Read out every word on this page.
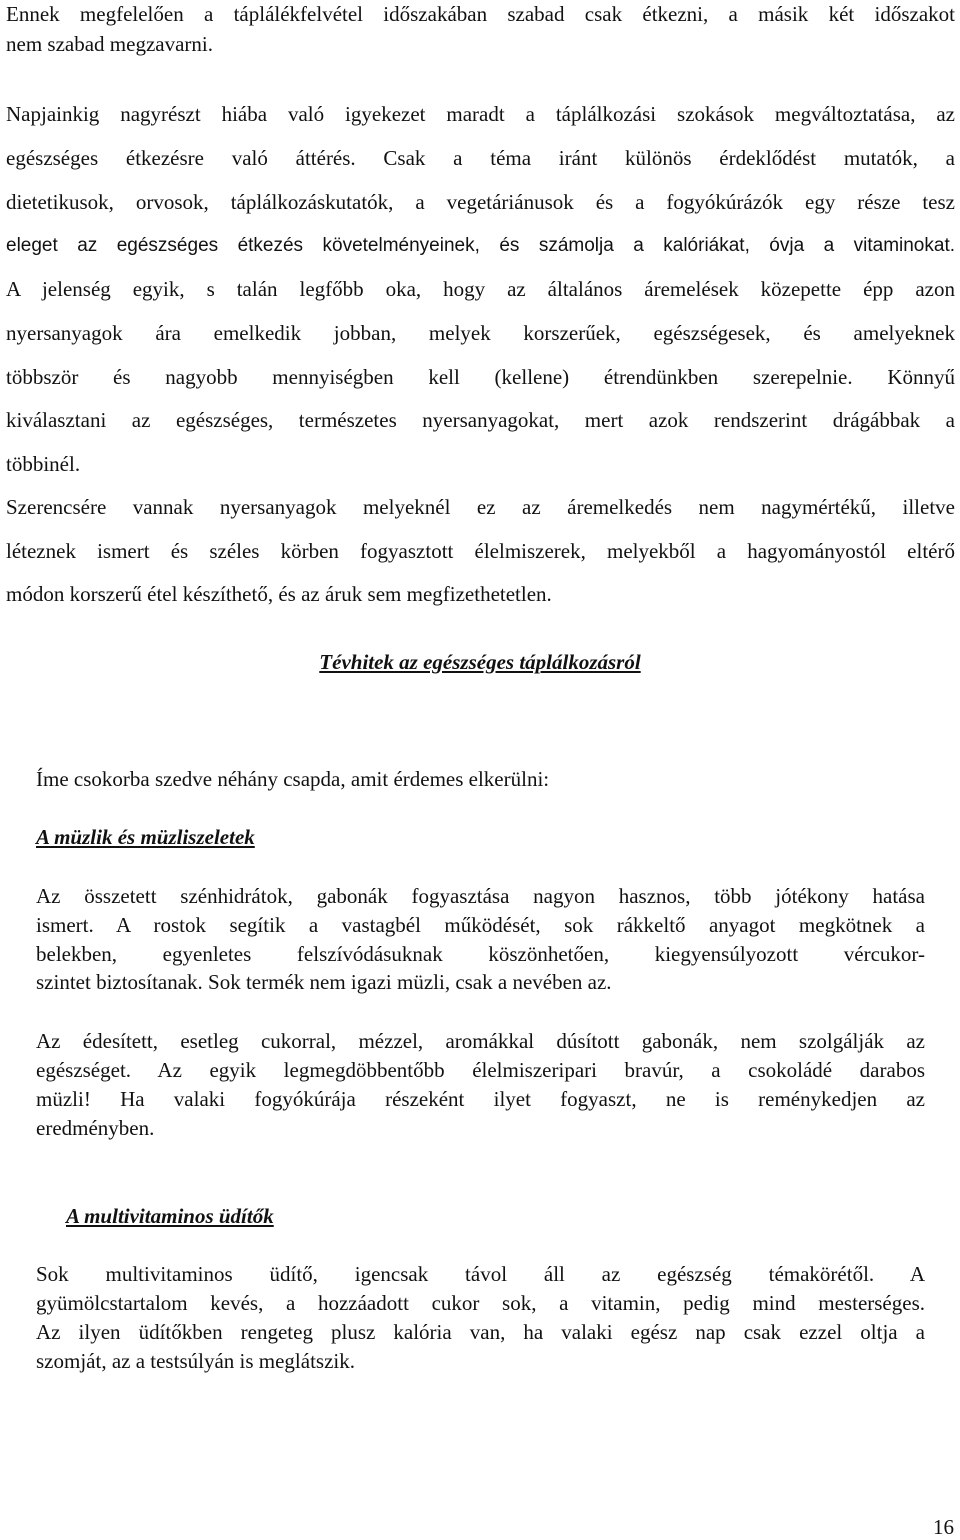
Ennek megfelelően a táplálékfelvétel időszakában szabad csak étkezni, a másik két időszakot
nem szabad megzavarni.
Napjainkig nagyrészt hiába való igyekezet maradt a táplálkozási szokások megváltoztatása, az
egészséges étkezésre való áttérés. Csak a téma iránt különös érdeklődést mutatók, a
dietetikusok, orvosok, táplálkozáskutatók, a vegetáriánusok és a fogyókúrázók egy része tesz
eleget az egészséges étkezés követelményeinek, és számolja a kalóriákat, óvja a vitaminokat.
A jelenség egyik, s talán legfőbb oka, hogy az általános áremelések közepette épp azon
nyersanyagok ára emelkedik jobban, melyek korszerűek, egészségesek, és amelyeknek
többször és nagyobb mennyiségben kell (kellene) étrendünkben szerepelnie. Könnyű
kiválasztani az egészséges, természetes nyersanyagokat, mert azok rendszerint drágábbak a
többinél.
Szerencsére vannak nyersanyagok melyeknél ez az áremelkedés nem nagymértékű, illetve
léteznek ismert és széles körben fogyasztott élelmiszerek, melyekből a hagyományostól eltérő
módon korszerű étel készíthető, és az áruk sem megfizethetetlen.
Tévhitek az egészséges táplálkozásról
Íme csokorba szedve néhány csapda, amit érdemes elkerülni:
A müzlik és müzliszeletek
Az összetett szénhidrátok, gabonák fogyasztása nagyon hasznos, több jótékony hatása
ismert. A rostok segítik a vastagbél működését, sok rákkeltő anyagot megkötnek a
belekben, egyenletes felszívódásuknak köszönhetően, kiegyensúlyozott vércukor-
szintet biztosítanak. Sok termék nem igazi müzli, csak a nevében az.
Az édesített, esetleg cukorral, mézzel, aromákkal dúsított gabonák, nem szolgálják az
egészséget. Az egyik legmegdöbbentőbb élelmiszeripari bravúr, a csokoládé darabos
müzli! Ha valaki fogyókúrája részeként ilyet fogyaszt, ne is reménykedjen az
eredményben.
A multivitaminos üdítők
Sok multivitaminos üdítő, igencsak távol áll az egészség témakörétől. A
gyümölcstartalom kevés, a hozzáadott cukor sok, a vitamin, pedig mind mesterséges.
Az ilyen üdítőkben rengeteg plusz kalória van, ha valaki egész nap csak ezzel oltja a
szomját, az a testsúlyán is meglátszik.
16
